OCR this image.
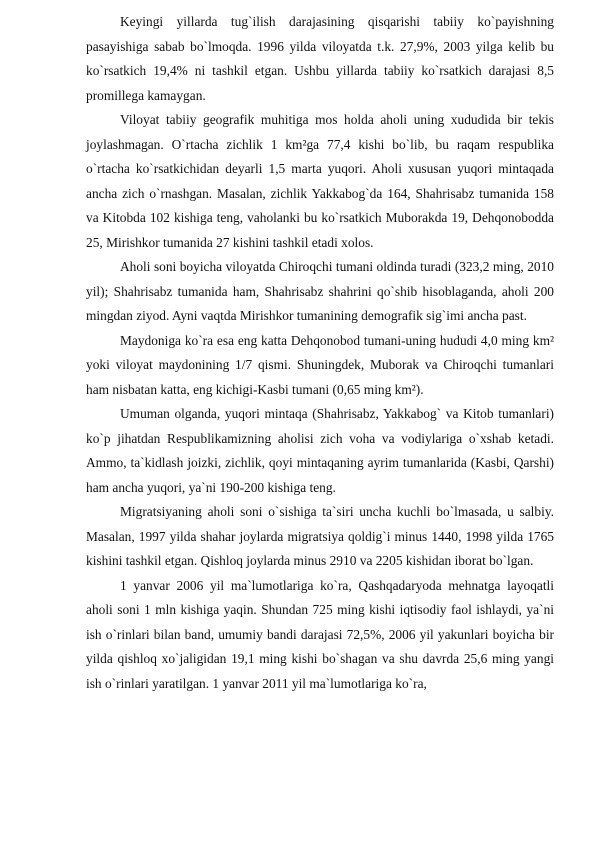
Keyingi yillarda tug`ilish darajasining qisqarishi tabiiy ko`payishning pasayishiga sabab bo`lmoqda. 1996 yilda viloyatda t.k. 27,9%, 2003 yilga kelib bu ko`rsatkich 19,4% ni tashkil etgan. Ushbu yillarda tabiiy ko`rsatkich darajasi 8,5 promillega kamaygan.

Viloyat tabiiy geografik muhitiga mos holda aholi uning xududida bir tekis joylashmagan. O`rtacha zichlik 1 km²ga 77,4 kishi bo`lib, bu raqam respublika o`rtacha ko`rsatkichidan deyarli 1,5 marta yuqori. Aholi xususan yuqori mintaqada ancha zich o`rnashgan. Masalan, zichlik Yakkabog`da 164, Shahrisabz tumanida 158 va Kitobda 102 kishiga teng, vaholanki bu ko`rsatkich Muborakda 19, Dehqonobodda 25, Mirishkor tumanida 27 kishini tashkil etadi xolos.

Aholi soni boyicha viloyatda Chiroqchi tumani oldinda turadi (323,2 ming, 2010 yil); Shahrisabz tumanida ham, Shahrisabz shahrini qo`shib hisoblaganda, aholi 200 mingdan ziyod. Ayni vaqtda Mirishkor tumanining demografik sig`imi ancha past.

Maydoniga ko`ra esa eng katta Dehqonobod tumani-uning hududi 4,0 ming km² yoki viloyat maydonining 1/7 qismi. Shuningdek, Muborak va Chiroqchi tumanlari ham nisbatan katta, eng kichigi-Kasbi tumani (0,65 ming km²).

Umuman olganda, yuqori mintaqa (Shahrisabz, Yakkabog` va Kitob tumanlari) ko`p jihatdan Respublikamizning aholisi zich voha va vodiylariga o`xshab ketadi. Ammo, ta`kidlash joizki, zichlik, qoyi mintaqaning ayrim tumanlarida (Kasbi, Qarshi) ham ancha yuqori, ya`ni 190-200 kishiga teng.

Migratsiyaning aholi soni o`sishiga ta`siri uncha kuchli bo`lmasada, u salbiy. Masalan, 1997 yilda shahar joylarda migratsiya qoldig`i minus 1440, 1998 yilda 1765 kishini tashkil etgan. Qishloq joylarda minus 2910 va 2205 kishidan iborat bo`lgan.

1 yanvar 2006 yil ma`lumotlariga ko`ra, Qashqadaryoda mehnatga layoqatli aholi soni 1 mln kishiga yaqin. Shundan 725 ming kishi iqtisodiy faol ishlaydi, ya`ni ish o`rinlari bilan band, umumiy bandi darajasi 72,5%, 2006 yil yakunlari boyicha bir yilda qishloq xo`jaligidan 19,1 ming kishi bo`shagan va shu davrda 25,6 ming yangi ish o`rinlari yaratilgan. 1 yanvar 2011 yil ma`lumotlariga ko`ra,
